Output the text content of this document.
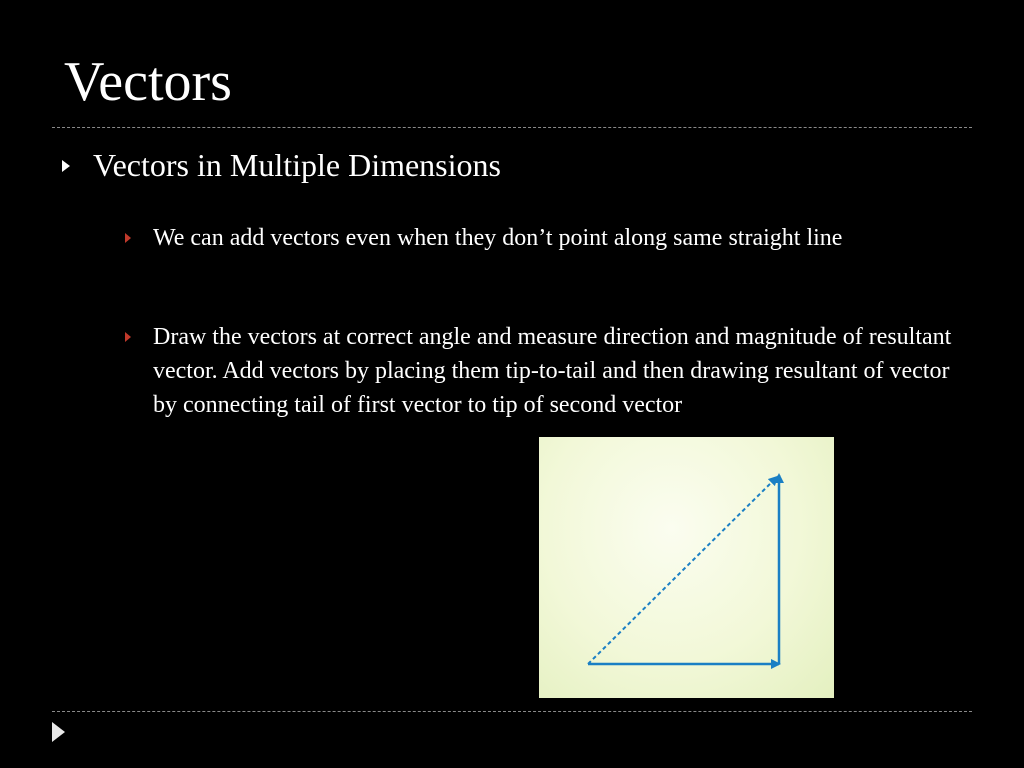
Vectors
Vectors in Multiple Dimensions
We can add vectors even when they don’t point along same straight line
Draw the vectors at correct angle and measure direction and magnitude of resultant vector. Add vectors by placing them tip-to-tail and then drawing resultant of vector by connecting tail of first vector to tip of second vector
